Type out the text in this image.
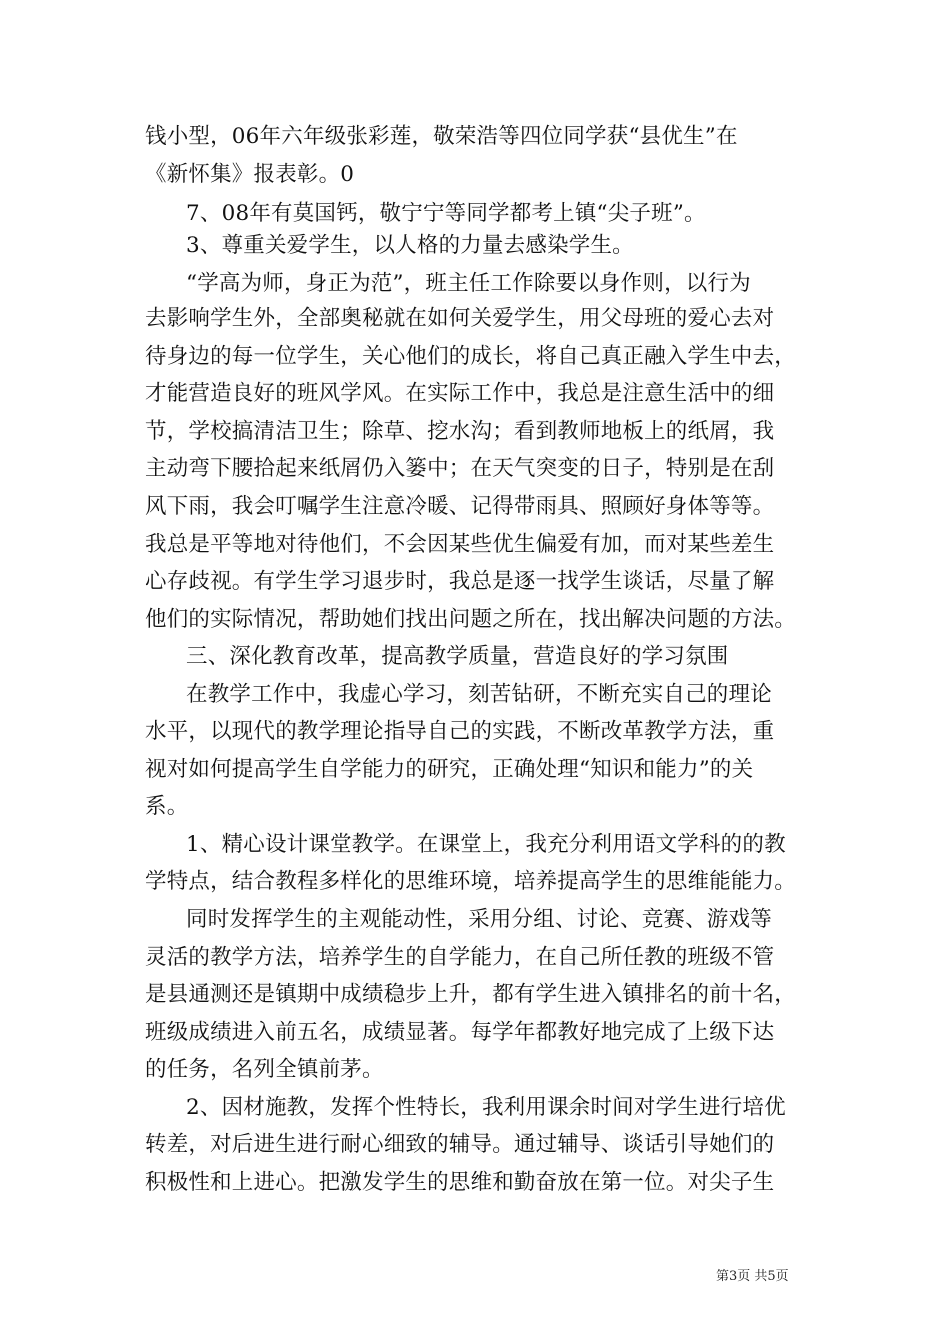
钱小型，06年六年级张彩莲，敬荣浩等四位同学获“县优生”在
《新怀集》报表彰。0
7、08年有莫国钙，敬宁宁等同学都考上镇“尖子班”。
3、尊重关爱学生，以人格的力量去感染学生。
“学高为师，身正为范”，班主任工作除要以身作则，以行为
去影响学生外，全部奥秘就在如何关爱学生，用父母班的爱心去对
待身边的每一位学生，关心他们的成长，将自己真正融入学生中去，
才能营造良好的班风学风。在实际工作中，我总是注意生活中的细
节，学校搞清洁卫生；除草、挖水沟；看到教师地板上的纸屑，我
主动弯下腰拾起来纸屑仍入篓中；在天气突变的日子，特别是在刮
风下雨，我会叮嘱学生注意冷暖、记得带雨具、照顾好身体等等。
我总是平等地对待他们，不会因某些优生偏爱有加，而对某些差生
心存歧视。有学生学习退步时，我总是逐一找学生谈话，尽量了解
他们的实际情况，帮助她们找出问题之所在，找出解决问题的方法。
三、深化教育改革，提高教学质量，营造良好的学习氛围
在教学工作中，我虚心学习，刻苦钻研，不断充实自己的理论
水平，以现代的教学理论指导自己的实践，不断改革教学方法，重
视对如何提高学生自学能力的研究，正确处理“知识和能力”的关
系。
1、精心设计课堂教学。在课堂上，我充分利用语文学科的的教
学特点，结合教程多样化的思维环境，培养提高学生的思维能能力。
同时发挥学生的主观能动性，采用分组、讨论、竞赛、游戏等
灵活的教学方法，培养学生的自学能力，在自己所任教的班级不管
是县通测还是镇期中成绩稳步上升，都有学生进入镇排名的前十名，
班级成绩进入前五名，成绩显著。每学年都教好地完成了上级下达
的任务，名列全镇前茅。
2、因材施教，发挥个性特长，我利用课余时间对学生进行培优
转差，对后进生进行耐心细致的辅导。通过辅导、谈话引导她们的
积极性和上进心。把激发学生的思维和勤奋放在第一位。对尖子生
第3页 共5页
